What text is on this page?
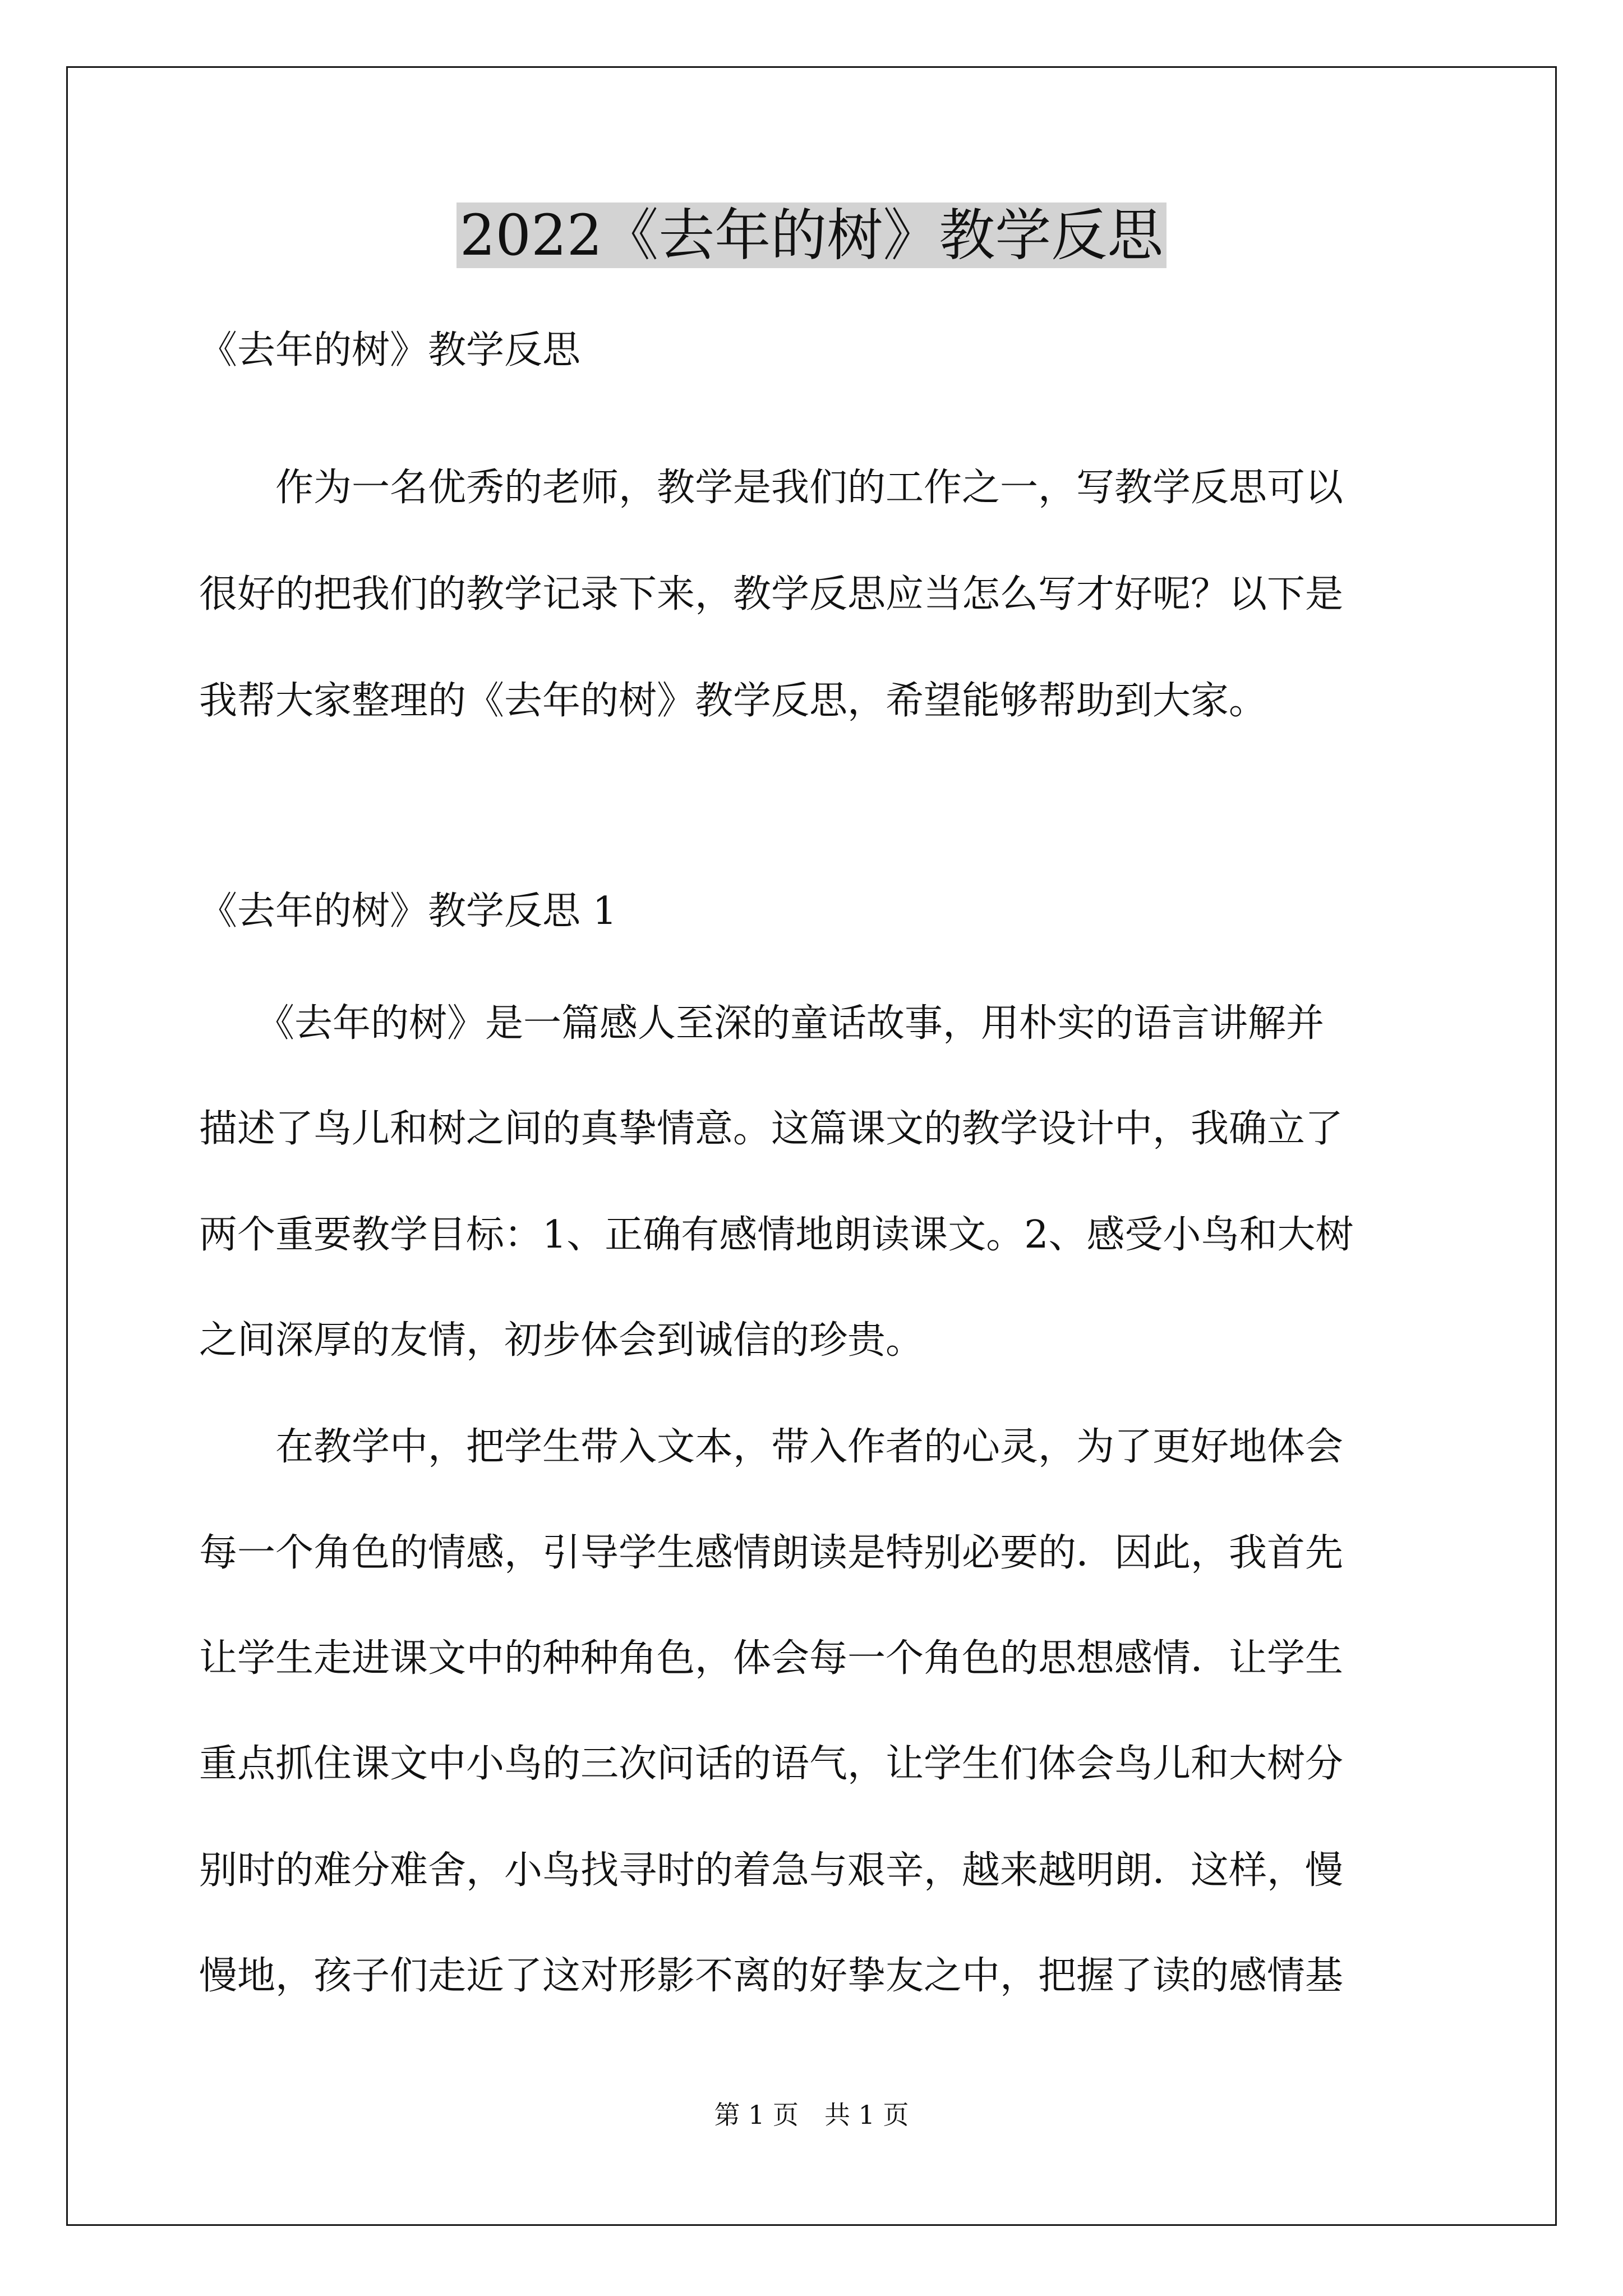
2022《去年的树》教学反思
《去年的树》教学反思
　　作为一名优秀的老师，教学是我们的工作之一，写教学反思可以
很好的把我们的教学记录下来，教学反思应当怎么写才好呢？以下是
我帮大家整理的《去年的树》教学反思，希望能够帮助到大家。
《去年的树》教学反思 1
　　《去年的树》是一篇感人至深的童话故事，用朴实的语言讲解并
描述了鸟儿和树之间的真挚情意。这篇课文的教学设计中，我确立了
两个重要教学目标：1、正确有感情地朗读课文。2、感受小鸟和大树
之间深厚的友情，初步体会到诚信的珍贵。
　　在教学中，把学生带入文本，带入作者的心灵，为了更好地体会
每一个角色的情感，引导学生感情朗读是特别必要的．因此，我首先
让学生走进课文中的种种角色，体会每一个角色的思想感情．让学生
重点抓住课文中小鸟的三次问话的语气，让学生们体会鸟儿和大树分
别时的难分难舍，小鸟找寻时的着急与艰辛，越来越明朗．这样，慢
慢地，孩子们走近了这对形影不离的好挚友之中，把握了读的感情基
第 1 页　共 1 页
